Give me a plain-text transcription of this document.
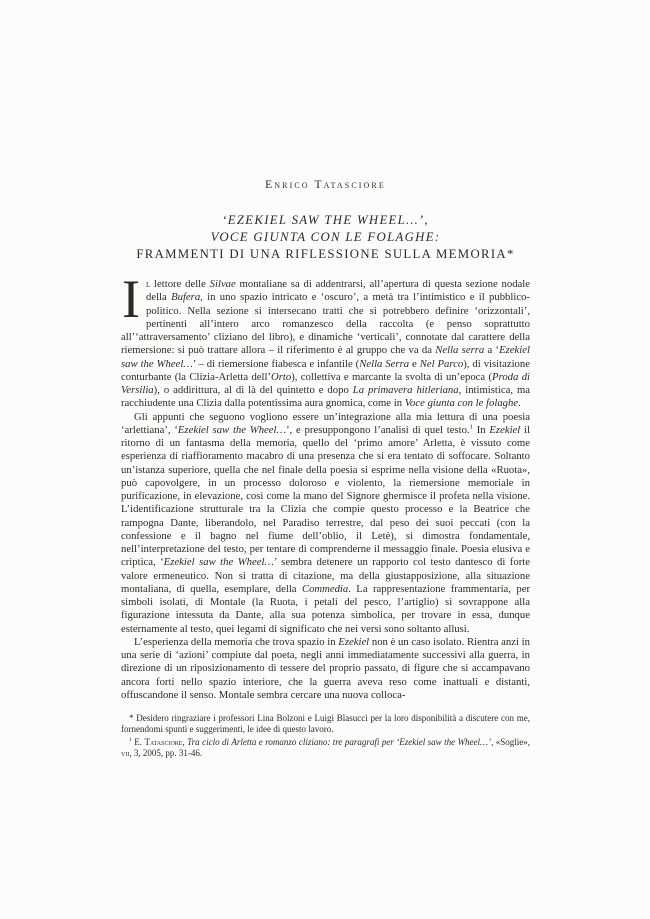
Enrico Tatasciore
‘EZEKIEL SAW THE WHEEL…’,
VOCE GIUNTA CON LE FOLAGHE:
FRAMMENTI DI UNA RIFLESSIONE SULLA MEMORIA*

Il lettore delle Silvae montaliane sa di addentrarsi, all’apertura di questa sezione nodale della Bufera, in uno spazio intricato e ‘oscuro’, a metà tra l’intimistico e il pubblico-politico. Nella sezione si intersecano tratti che si potrebbero definire ‘orizzontali’, pertinenti all’intero arco romanzesco della raccolta (e penso soprattutto all’‘attraversamento’ cliziano del libro), e dinamiche ‘verticali’, connotate dal carattere della riemersione: si può trattare allora – il riferimento è al gruppo che va da Nella serra a ‘Ezekiel saw the Wheel…’ – di riemersione fiabesca e infantile (Nella Serra e Nel Parco), di visitazione conturbante (la Clizia-Arletta dell’Orto), collettiva e marcante la svolta di un’epoca (Proda di Versilia), o addirittura, al di là del quintetto e dopo La primavera hitleriana, intimistica, ma racchiudente una Clizia dalla potentissima aura gnomica, come in Voce giunta con le folaghe.

Gli appunti che seguono vogliono essere un’integrazione alla mia lettura di una poesia ‘arlettiana’, ‘Ezekiel saw the Wheel…’, e presuppongono l’analisi di quel testo.$^1$ In Ezekiel il ritorno di un fantasma della memoria, quello del ‘primo amore’ Arletta, è vissuto come esperienza di riaffioramento macabro di una presenza che si era tentato di soffocare. Soltanto un’istanza superiore, quella che nel finale della poesia si esprime nella visione della «Ruota», può capovolgere, in un processo doloroso e violento, la riemersione memoriale in purificazione, in elevazione, così come la mano del Signore ghermisce il profeta nella visione. L’identificazione strutturale tra la Clizia che compie questo processo e la Beatrice che rampogna Dante, liberandolo, nel Paradiso terrestre, dal peso dei suoi peccati (con la confessione e il bagno nel fiume dell’oblio, il Letè), si dimostra fondamentale, nell’interpretazione del testo, per tentare di comprenderne il messaggio finale. Poesia elusiva e criptica, ‘Ezekiel saw the Wheel…’ sembra detenere un rapporto col testo dantesco di forte valore ermeneutico. Non si tratta di citazione, ma della giustapposizione, alla situazione montaliana, di quella, esemplare, della Commedia. La rappresentazione frammentaria, per simboli isolati, di Montale (la Ruota, i petali del pesco, l’artiglio) si sovrappone alla figurazione intessuta da Dante, alla sua potenza simbolica, per trovare in essa, dunque esternamente al testo, quei legami di significato che nei versi sono soltanto allusi.

L’esperienza della memoria che trova spazio in Ezekiel non è un caso isolato. Rientra anzi in una serie di ‘azioni’ compiute dal poeta, negli anni immediatamente successivi alla guerra, in direzione di un riposizionamento di tessere del proprio passato, di figure che si accampavano ancora forti nello spazio interiore, che la guerra aveva reso come inattuali e distanti, offuscandone il senso. Montale sembra cercare una nuova colloca-

* Desidero ringraziare i professori Lina Bolzoni e Luigi Blasucci per la loro disponibilità a discutere con me, fornendomi spunti e suggerimenti, le idee di questo lavoro.

$^1$ E. Tatasciore, Tra ciclo di Arletta e romanzo cliziano: tre paragrafi per ‘Ezekiel saw the Wheel…’, «Soglie», vii, 3, 2005, pp. 31-46.
